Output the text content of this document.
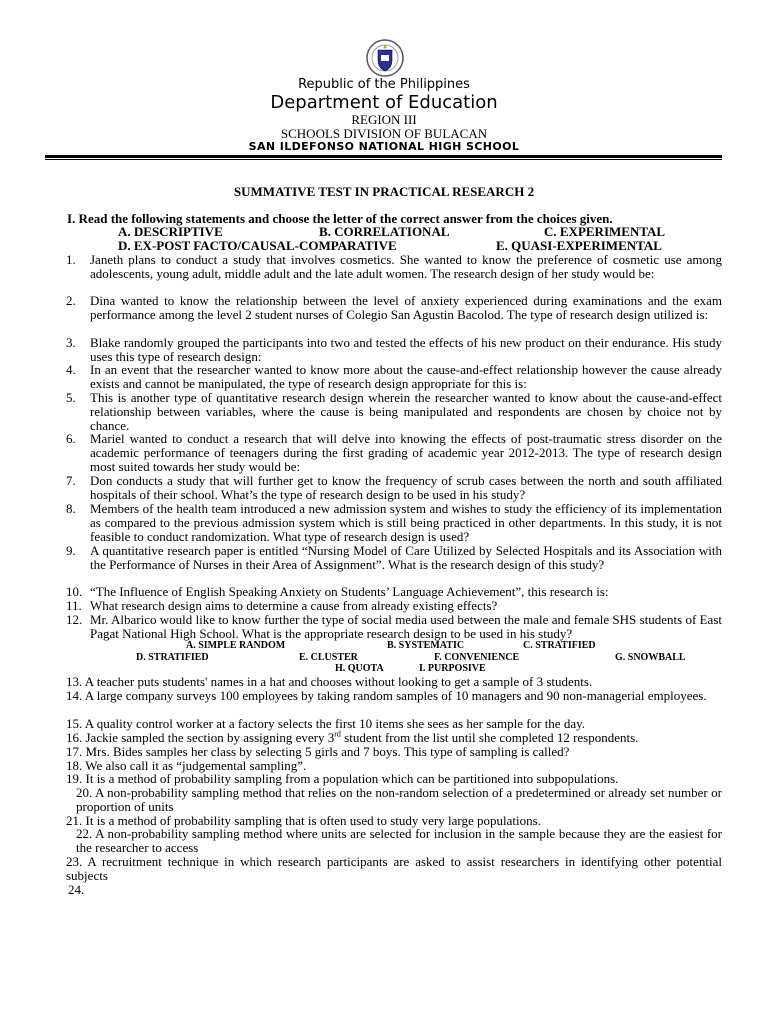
Republic of the Philippines
Department of Education
REGION III
SCHOOLS DIVISION OF BULACAN
SAN ILDEFONSO NATIONAL HIGH SCHOOL
SUMMATIVE TEST IN PRACTICAL RESEARCH 2
I. Read the following statements and choose the letter of the correct answer from the choices given.
A. DESCRIPTIVE	B. CORRELATIONAL	C. EXPERIMENTAL
D. EX-POST FACTO/CAUSAL-COMPARATIVE	E. QUASI-EXPERIMENTAL
1. Janeth plans to conduct a study that involves cosmetics. She wanted to know the preference of cosmetic use among adolescents, young adult, middle adult and the late adult women. The research design of her study would be:
2. Dina wanted to know the relationship between the level of anxiety experienced during examinations and the exam performance among the level 2 student nurses of Colegio San Agustin Bacolod. The type of research design utilized is:
3. Blake randomly grouped the participants into two and tested the effects of his new product on their endurance. His study uses this type of research design:
4. In an event that the researcher wanted to know more about the cause-and-effect relationship however the cause already exists and cannot be manipulated, the type of research design appropriate for this is:
5. This is another type of quantitative research design wherein the researcher wanted to know about the cause-and-effect relationship between variables, where the cause is being manipulated and respondents are chosen by choice not by chance.
6. Mariel wanted to conduct a research that will delve into knowing the effects of post-traumatic stress disorder on the academic performance of teenagers during the first grading of academic year 2012-2013. The type of research design most suited towards her study would be:
7. Don conducts a study that will further get to know the frequency of scrub cases between the north and south affiliated hospitals of their school. What’s the type of research design to be used in his study?
8. Members of the health team introduced a new admission system and wishes to study the efficiency of its implementation as compared to the previous admission system which is still being practiced in other departments. In this study, it is not feasible to conduct randomization. What type of research design is used?
9. A quantitative research paper is entitled “Nursing Model of Care Utilized by Selected Hospitals and its Association with the Performance of Nurses in their Area of Assignment”. What is the research design of this study?
10. “The Influence of English Speaking Anxiety on Students’ Language Achievement”, this research is:
11. What research design aims to determine a cause from already existing effects?
12. Mr. Albarico would like to know further the type of social media used between the male and female SHS students of East Pagat National High School. What is the appropriate research design to be used in his study?
A. SIMPLE RANDOM	B. SYSTEMATIC	C. STRATIFIED
D. STRATIFIED	E. CLUSTER	F. CONVENIENCE	G. SNOWBALL
H. QUOTA	I. PURPOSIVE
13. A teacher puts students' names in a hat and chooses without looking to get a sample of 3 students.
14. A large company surveys 100 employees by taking random samples of 10 managers and 90 non-managerial employees.
15. A quality control worker at a factory selects the first 10 items she sees as her sample for the day.
16. Jackie sampled the section by assigning every 3rd student from the list until she completed 12 respondents.
17. Mrs. Bides samples her class by selecting 5 girls and 7 boys. This type of sampling is called?
18. We also call it as “judgemental sampling”.
19. It is a method of probability sampling from a population which can be partitioned into subpopulations.
20. A non-probability sampling method that relies on the non-random selection of a predetermined or already set number or proportion of units
21. It is a method of probability sampling that is often used to study very large populations.
22. A non-probability sampling method where units are selected for inclusion in the sample because they are the easiest for the researcher to access
23. A recruitment technique in which research participants are asked to assist researchers in identifying other potential subjects
24.
